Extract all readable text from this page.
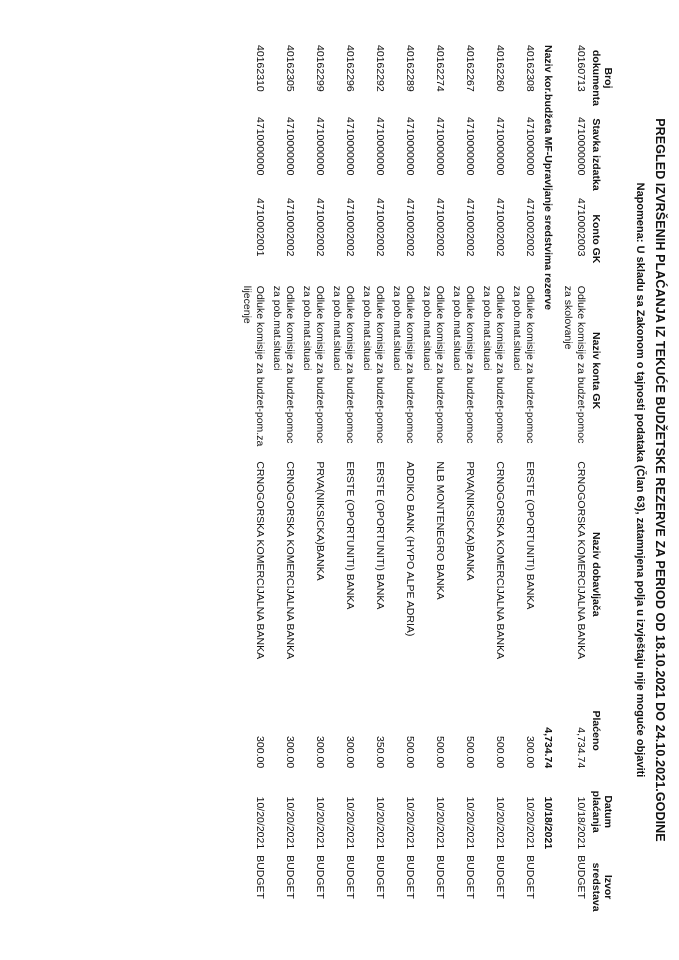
PREGLED IZVRŠENIH PLAĆANJA IZ TEKUĆE BUDŽETSKE REZERVE ZA PERIOD OD 18.10.2021 DO 24.10.2021.GODINE
Napomena: U skladu sa Zakonom o tajnosti podataka (Član 63), zatamnjena polja u izvještaju nije moguće objaviti
Broj dokumenta	Stavka izdatka	Konto GK	Naziv konta GK	Naziv dobavljača	Plaćeno	Datum plaćanja	Izvor sredstava
40160713	4710000000	4710002003	Odluke komisije za budzet-pomoc za skolovanje	CRNOGORSKA KOMERCIJALNA BANKA	4,734.74	10/18/2021	BUDGET
Naziv kor.budžeta MF-Upravljanje sredstvima rezerve					4,734.74	10/18/2021	
40162308	4710000000	4710002002	Odluke komisije za budzet-pomoc za pob.mat.situaci	ERSTE (OPORTUNITI) BANKA	300.00	10/20/2021	BUDGET
40162260	4710000000	4710002002	Odluke komisije za budzet-pomoc za pob.mat.situaci	CRNOGORSKA KOMERCIJALNA BANKA	500.00	10/20/2021	BUDGET
40162267	4710000000	4710002002	Odluke komisije za budzet-pomoc za pob.mat.situaci	PRVA(NIKSICKA)BANKA	500.00	10/20/2021	BUDGET
40162274	4710000000	4710002002	Odluke komisije za budzet-pomoc za pob.mat.situaci	NLB MONTENEGRO BANKA	500.00	10/20/2021	BUDGET
40162289	4710000000	4710002002	Odluke komisije za budzet-pomoc za pob.mat.situaci	ADDIKO BANK (HYPO ALPE ADRIA)	500.00	10/20/2021	BUDGET
40162292	4710000000	4710002002	Odluke komisije za budzet-pomoc za pob.mat.situaci	ERSTE (OPORTUNITI) BANKA	350.00	10/20/2021	BUDGET
40162296	4710000000	4710002002	Odluke komisije za budzet-pomoc za pob.mat.situaci	ERSTE (OPORTUNITI) BANKA	300.00	10/20/2021	BUDGET
40162299	4710000000	4710002002	Odluke komisije za budzet-pomoc za pob.mat.situaci	PRVA(NIKSICKA)BANKA	300.00	10/20/2021	BUDGET
40162305	4710000000	4710002002	Odluke komisije za budzet-pomoc za pob.mat.situaci	CRNOGORSKA KOMERCIJALNA BANKA	300.00	10/20/2021	BUDGET
40162310	4710000000	4710002001	Odluke komisije za budzet-pom.za lijecenje	CRNOGORSKA KOMERCIJALNA BANKA	300.00	10/20/2021	BUDGET
